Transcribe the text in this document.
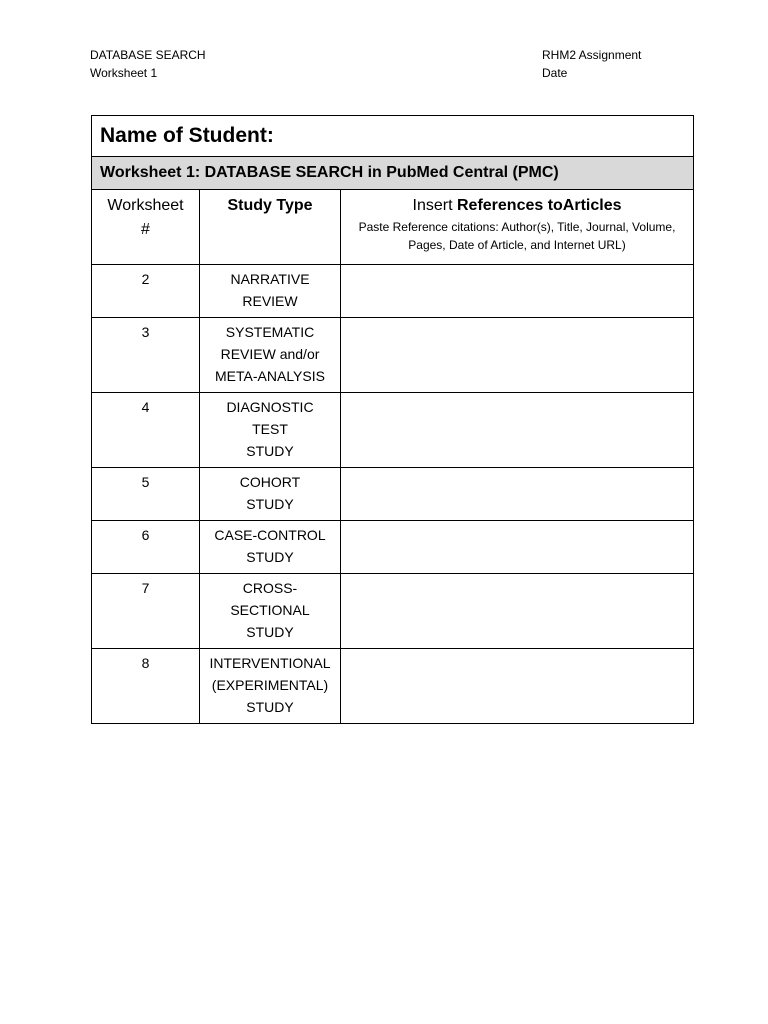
DATABASE SEARCH
Worksheet 1
RHM2 Assignment
Date
Name of Student:		
Worksheet 1: DATABASE SEARCH in PubMed Central (PMC)		

Worksheet
#	Study Type	Insert References toArticles
Paste Reference citations: Author(s), Title, Journal, Volume, Pages, Date of Article, and Internet URL)

2	NARRATIVE
REVIEW	
3	SYSTEMATIC
REVIEW and/or
META-ANALYSIS	
4	DIAGNOSTIC
TEST
STUDY	
5	COHORT
STUDY	
6	CASE-CONTROL
STUDY	
7	CROSS-
SECTIONAL
STUDY	
8	INTERVENTIONAL
(EXPERIMENTAL)
STUDY	
